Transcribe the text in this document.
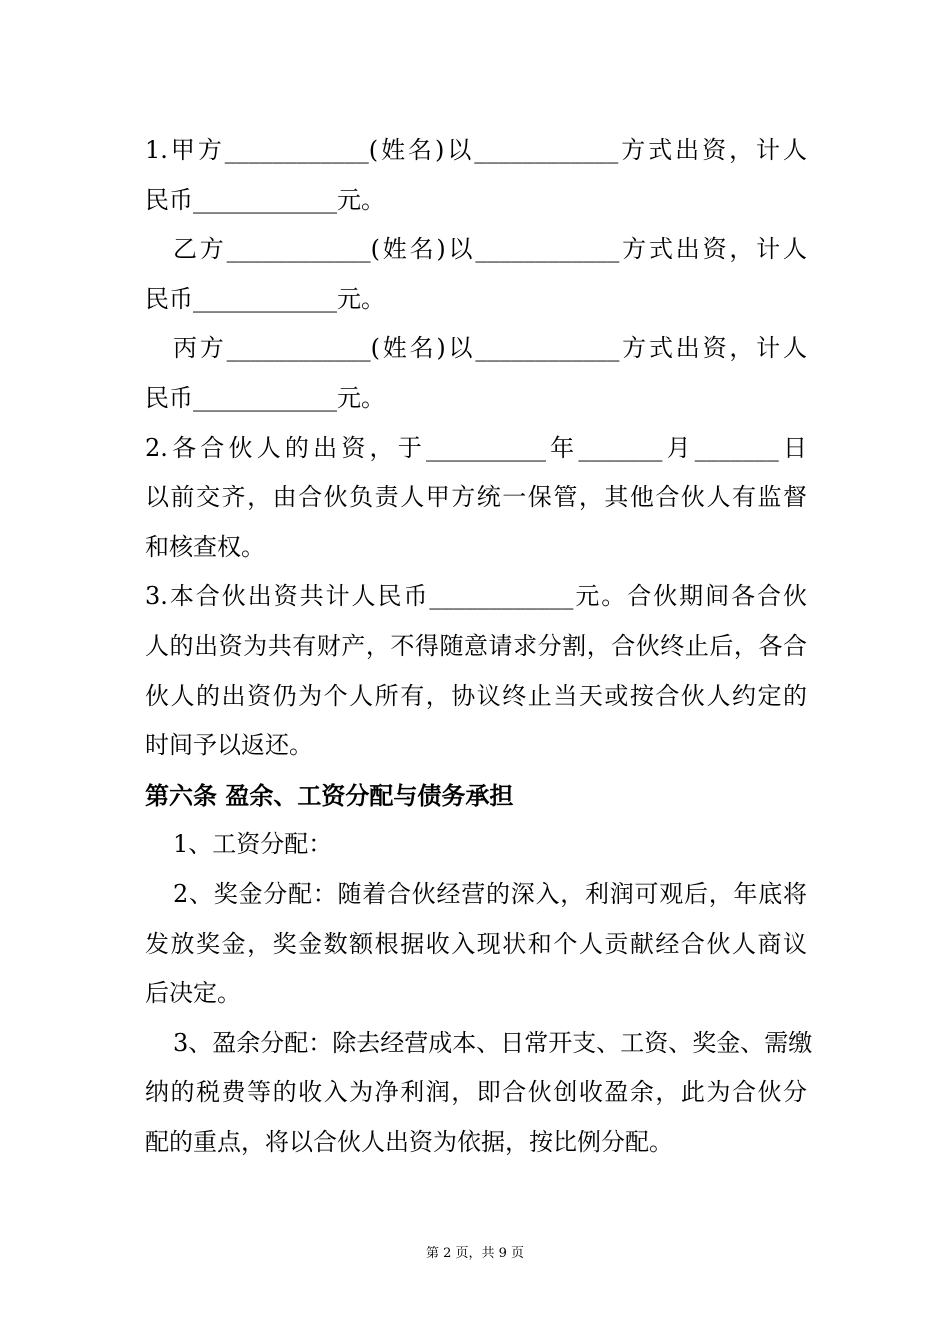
1.甲方____________(姓名)以____________方式出资，计人
民币____________元。
乙方____________(姓名)以____________方式出资，计人
民币____________元。
丙方____________(姓名)以____________方式出资，计人
民币____________元。
2.各合伙人的出资，于__________年_______月_______日
以前交齐，由合伙负责人甲方统一保管，其他合伙人有监督
和核查权。
3.本合伙出资共计人民币____________元。合伙期间各合伙
人的出资为共有财产，不得随意请求分割，合伙终止后，各合
伙人的出资仍为个人所有，协议终止当天或按合伙人约定的
时间予以返还。
第六条 盈余、工资分配与债务承担
1、工资分配：
2、奖金分配：随着合伙经营的深入，利润可观后，年底将
发放奖金，奖金数额根据收入现状和个人贡献经合伙人商议
后决定。
3、盈余分配：除去经营成本、日常开支、工资、奖金、需缴
纳的税费等的收入为净利润，即合伙创收盈余，此为合伙分
配的重点，将以合伙人出资为依据，按比例分配。
第 2 页，共 9 页
